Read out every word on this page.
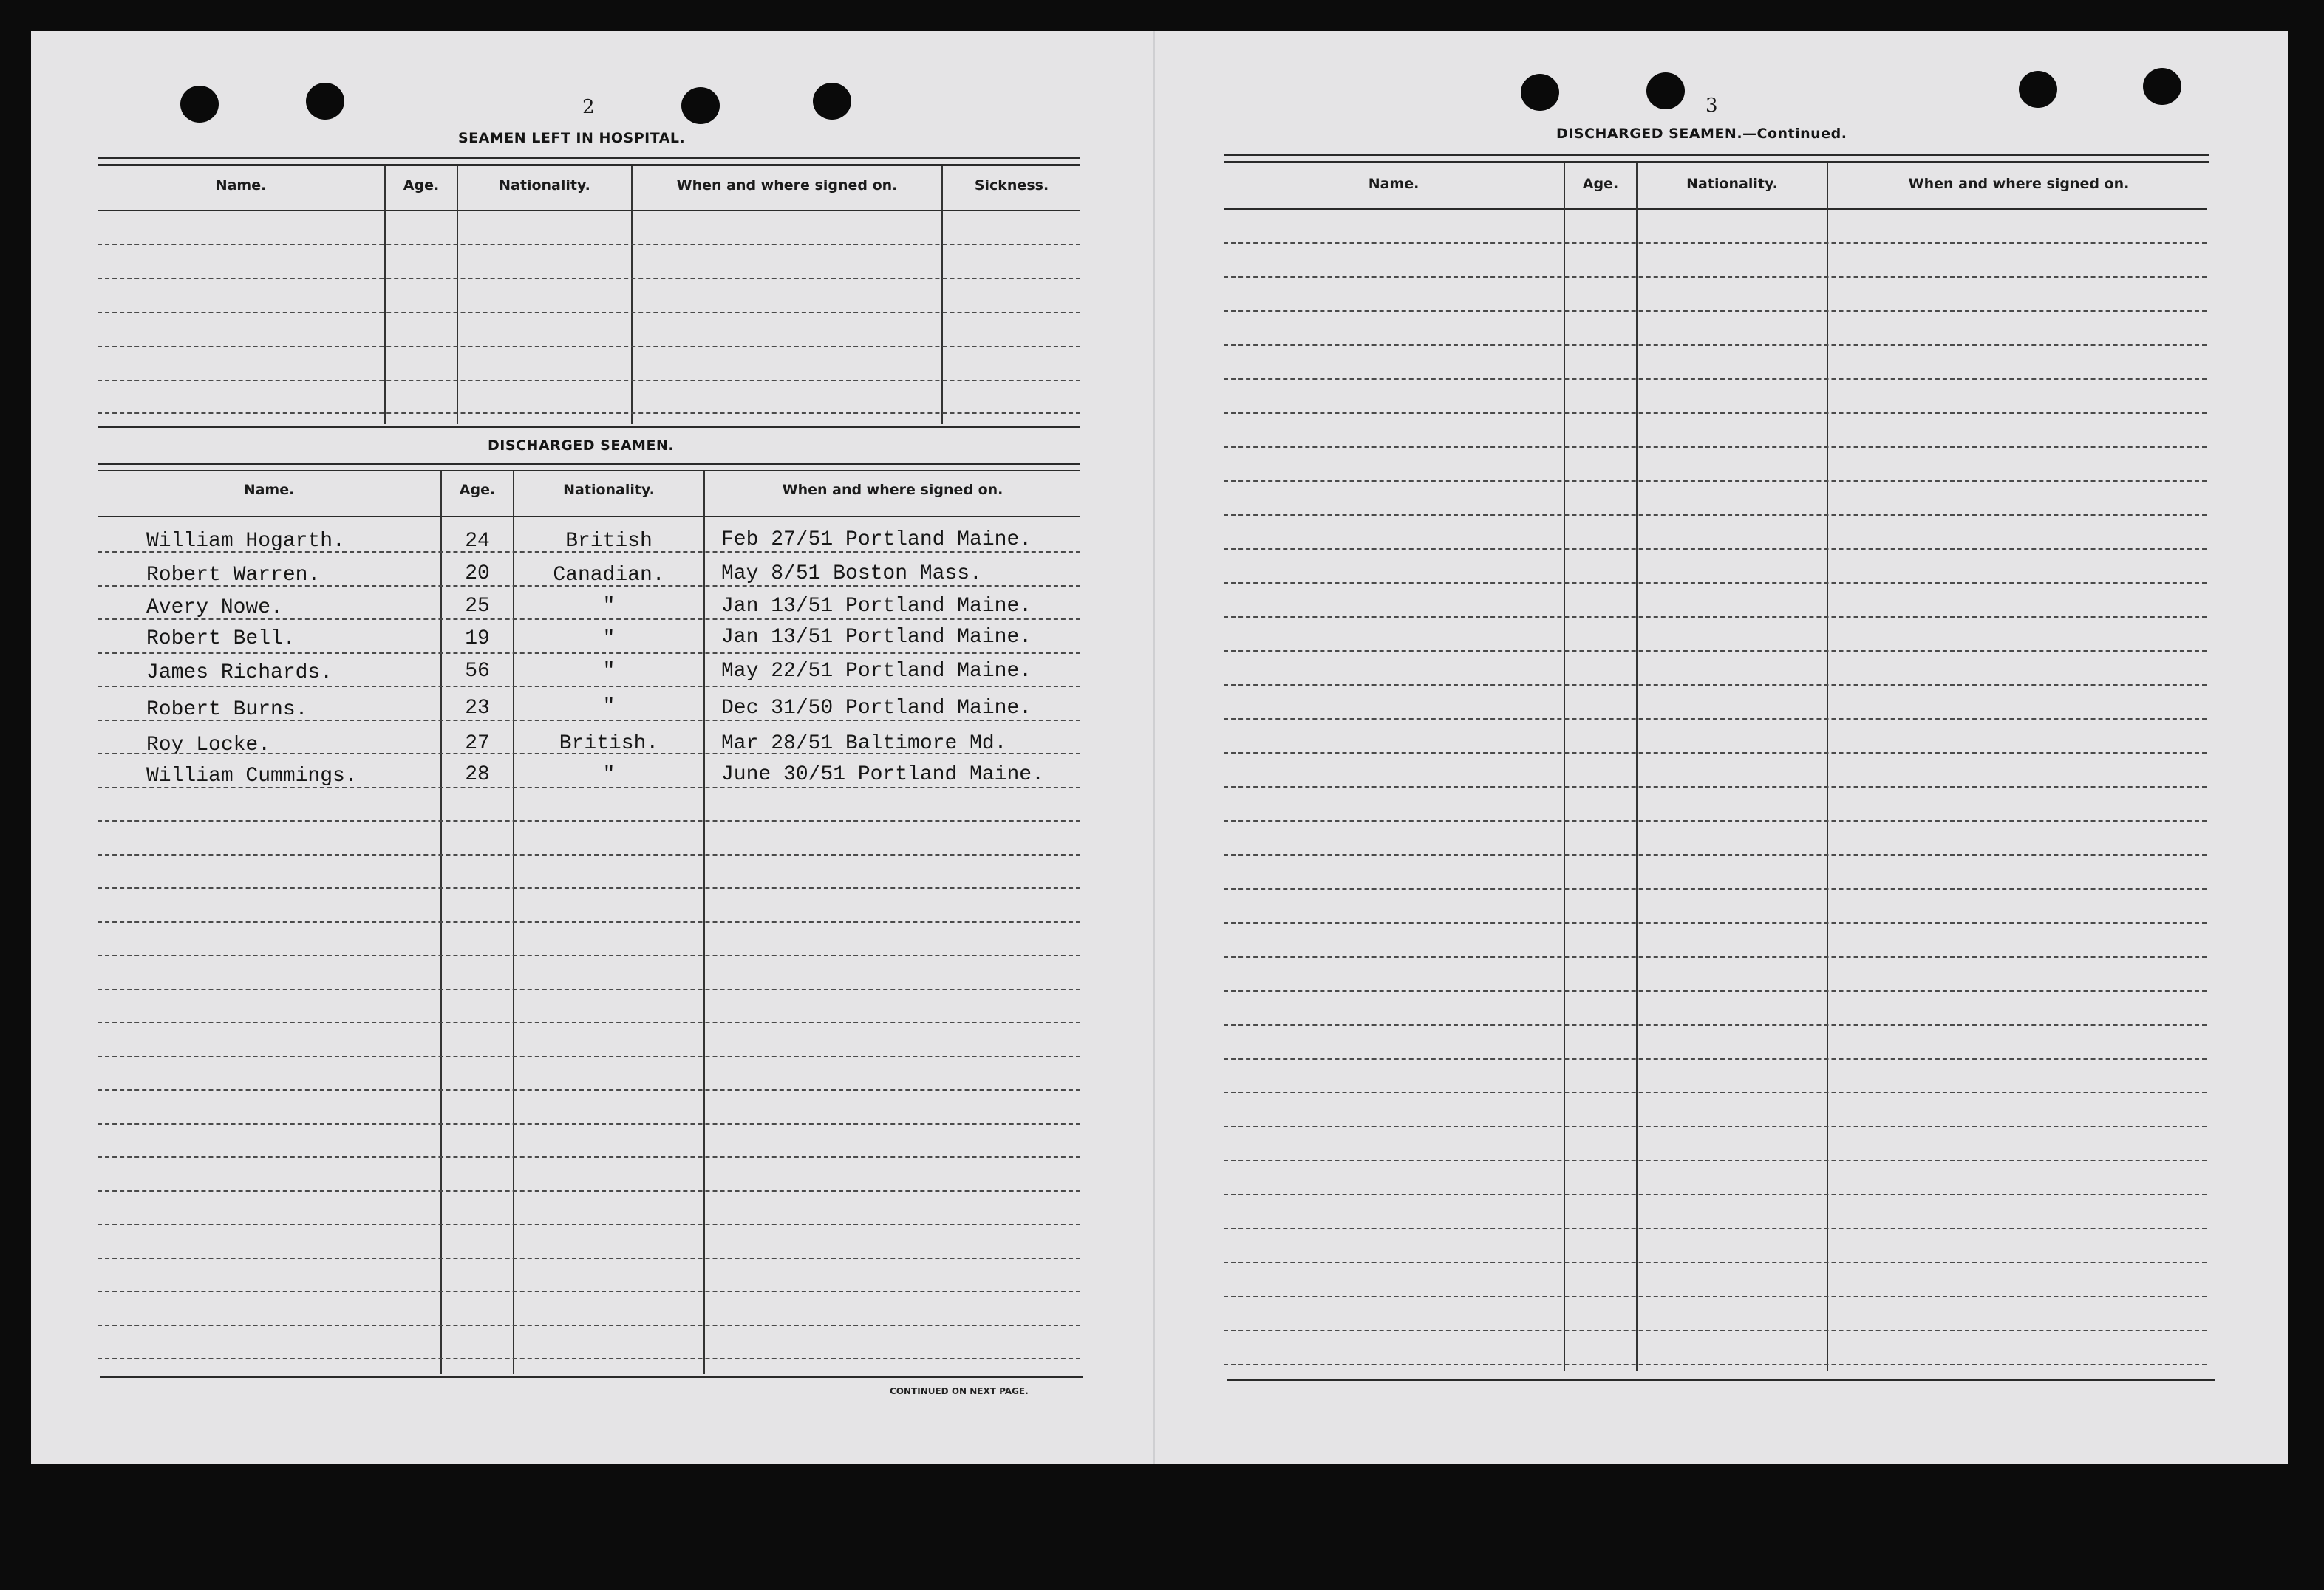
2
SEAMEN LEFT IN HOSPITAL.
Name.	Age.	Nationality.	When and where signed on.	Sickness.
DISCHARGED SEAMEN.
Name.	Age.	Nationality.	When and where signed on.
William Hogarth.	24	British	Feb 27/51 Portland Maine.
Robert Warren.	20	Canadian.	May 8/51 Boston Mass.
Avery Nowe.	25	"	Jan 13/51 Portland Maine.
Robert Bell.	19	"	Jan 13/51 Portland Maine.
James Richards.	56	"	May 22/51 Portland Maine.
Robert Burns.	23	"	Dec 31/50 Portland Maine.
Roy Locke.	27	British.	Mar 28/51 Baltimore Md.
William Cummings.	28	"	June 30/51 Portland Maine.
CONTINUED ON NEXT PAGE.
3
DISCHARGED SEAMEN.—Continued.
Name.	Age.	Nationality.	When and where signed on.
